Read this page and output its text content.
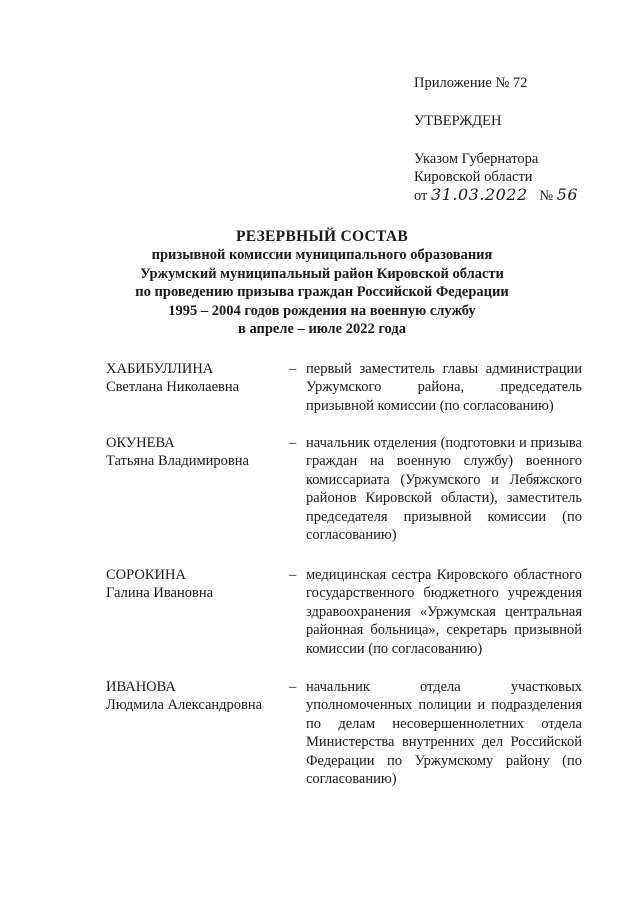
Приложение № 72
УТВЕРЖДЕН
Указом Губернатора
Кировской области
от 31.03.2022 № 56
РЕЗЕРВНЫЙ СОСТАВ
призывной комиссии муниципального образования
Уржумский муниципальный район Кировской области
по проведению призыва граждан Российской Федерации
1995 – 2004 годов рождения на военную службу
в апреле – июле 2022 года
ХАБИБУЛЛИНА
Светлана Николаевна
– первый заместитель главы администрации Уржумского района, председатель призывной комиссии (по согласованию)
ОКУНЕВА
Татьяна Владимировна
– начальник отделения (подготовки и призыва граждан на военную службу) военного комиссариата (Уржумского и Лебяжского районов Кировской области), заместитель председателя призывной комиссии (по согласованию)
СОРОКИНА
Галина Ивановна
– медицинская сестра Кировского областного государственного бюджетного учреждения здравоохранения «Уржумская центральная районная больница», секретарь призывной комиссии (по согласованию)
ИВАНОВА
Людмила Александровна
– начальник отдела участковых уполномоченных полиции и подразделения по делам несовершеннолетних отдела Министерства внутренних дел Российской Федерации по Уржумскому району (по согласованию)
